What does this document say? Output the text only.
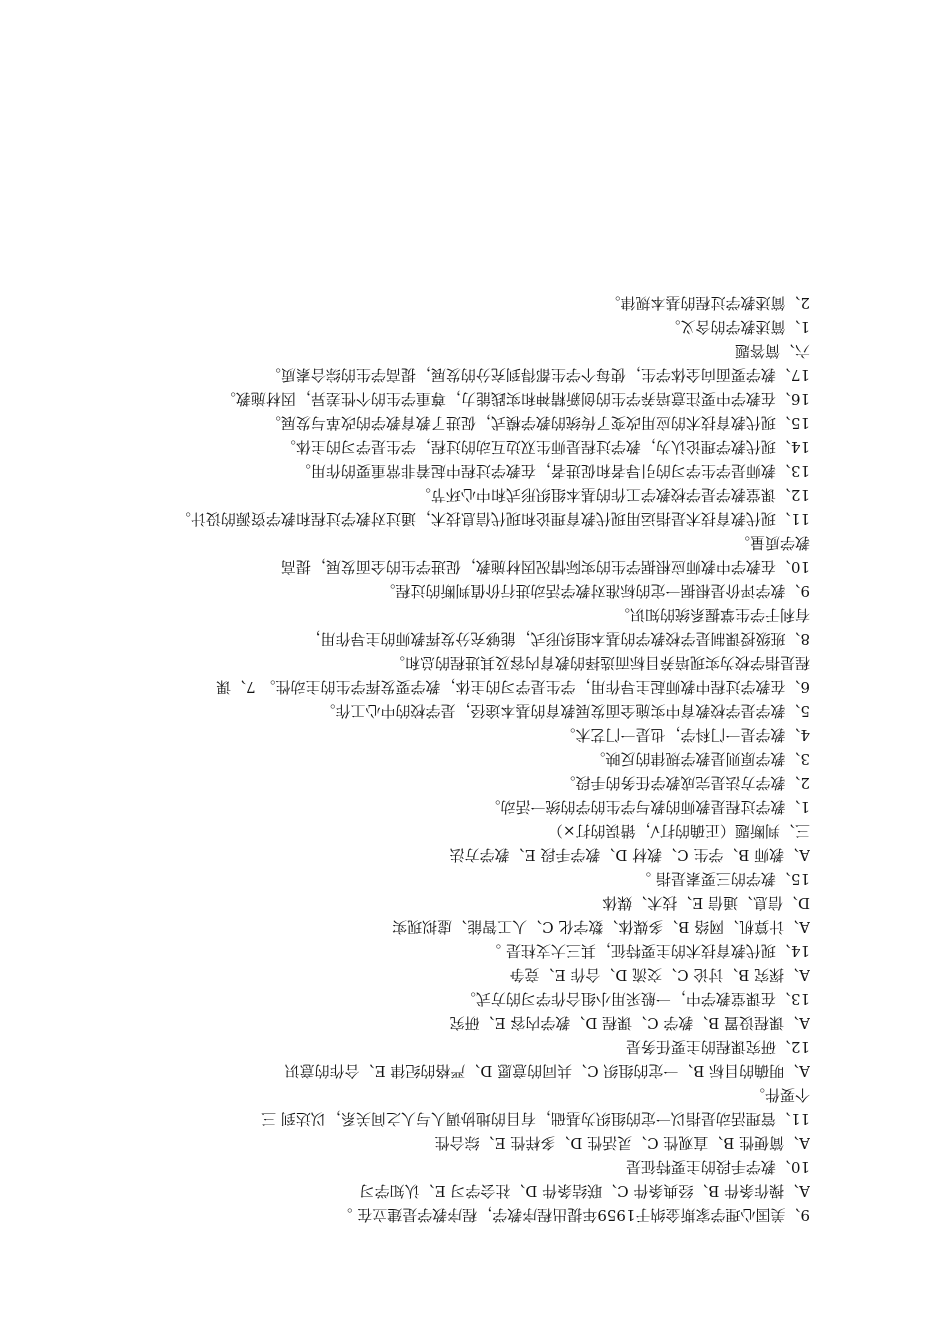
9、美国心理学家斯金纳于1959年提出程序教学，程序教学是建立在 。
A、操作条件 B、经典条件 C、联结条件 D、社会学习 E、认知学习
10、教学手段的主要特征是
A、简便性 B、直观性 C、灵活性 D、多样性 E、综合性
11、管理活动是指以一定的组织为基础，有目的地协调人与人之间关系，以达到 三
个要件。
A、明确的目标 B、一定的组织 C、共同的意愿 D、严格的纪律 E、合作的意识
12、研究课程的主要任务是
A、课程设置 B、教学 C、课程 D、教学内容 E、研究
13、在课堂教学中，一般采用小组合作学习的方式。
A、探究 B、讨论 C、交流 D、合作 E、竞争
14、现代教育技术的主要特征，其三大支柱是 。
A、计算机、网络 B、多媒体、数字化 C、人工智能、虚拟现实
D、信息、通信 E、技术、媒体
15、教学的三要素是指 。
A、教师 B、学生 C、教材 D、教学手段 E、教学方法
三、判断题（正确的打√，错误的打×）
1、教学过程是教师的教与学生的学的统一活动。
2、教学方法是完成教学任务的手段。
3、教学原则是教学规律的反映。
4、教学是一门科学，也是一门艺术。
5、教学是学校教育中实施全面发展教育的基本途径，是学校的中心工作。
6、在教学过程中教师起主导作用，学生是学习的主体，教学要发挥学生的主动性。 7、课
程是指学校为实现培养目标而选择的教育内容及其进程的总和。
8、班级授课制是学校教学的基本组织形式，能够充分发挥教师的主导作用，
有利于学生掌握系统的知识。
9、教学评价是根据一定的标准对教学活动进行价值判断的过程。
10、在教学中教师应根据学生的实际情况因材施教，促进学生的全面发展，提高
教学质量。
11、现代教育技术是指运用现代教育理论和现代信息技术，通过对教学过程和教学资源的设计。
12、课堂教学是学校教学工作的基本组织形式和中心环节。
13、教师是学生学习的引导者和促进者，在教学过程中起着非常重要的作用。
14、现代教学理论认为，教学过程是师生双边互动的过程，学生是学习的主体。
15、现代教育技术的应用改变了传统的教学模式，促进了教育教学的改革与发展。
16、在教学中要注意培养学生的创新精神和实践能力，尊重学生的个性差异，因材施教。
17、教学要面向全体学生，使每个学生都得到充分的发展，提高学生的综合素质。
六、简答题
1、简述教学的含义。
2、简述教学过程的基本规律。
